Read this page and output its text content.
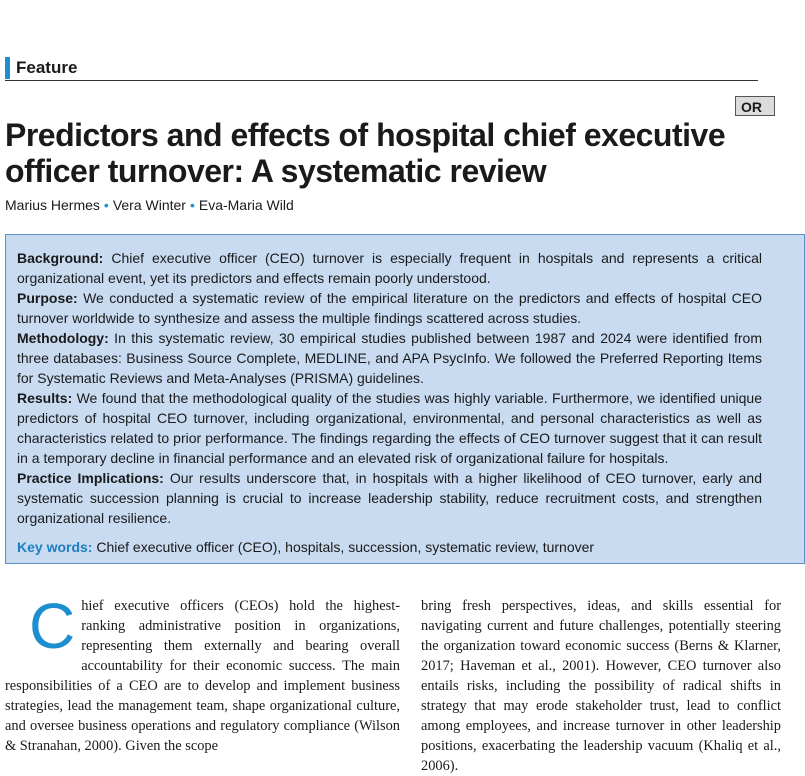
Feature
OR
Predictors and effects of hospital chief executive
officer turnover: A systematic review
Marius Hermes • Vera Winter • Eva-Maria Wild

Background: Chief executive officer (CEO) turnover is especially frequent in hospitals and represents a critical organizational event, yet its predictors and effects remain poorly understood.

Purpose: We conducted a systematic review of the empirical literature on the predictors and effects of hospital CEO turnover worldwide to synthesize and assess the multiple findings scattered across studies.

Methodology: In this systematic review, 30 empirical studies published between 1987 and 2024 were identified from three databases: Business Source Complete, MEDLINE, and APA PsycInfo. We followed the Preferred Reporting Items for Systematic Reviews and Meta-Analyses (PRISMA) guidelines.

Results: We found that the methodological quality of the studies was highly variable. Furthermore, we identified unique predictors of hospital CEO turnover, including organizational, environmental, and personal characteristics as well as characteristics related to prior performance. The findings regarding the effects of CEO turnover suggest that it can result in a temporary decline in financial performance and an elevated risk of organizational failure for hospitals.

Practice Implications: Our results underscore that, in hospitals with a higher likelihood of CEO turnover, early and systematic succession planning is crucial to increase leadership stability, reduce recruitment costs, and strengthen organizational resilience.

Key words: Chief executive officer (CEO), hospitals, succession, systematic review, turnover

Chief executive officers (CEOs) hold the highest-ranking administrative position in organizations, representing them externally and bearing overall accountability for their economic success. The main responsibilities of a CEO are to develop and implement business strategies, lead the management team, shape organizational culture, and oversee business operations and regulatory compliance (Wilson & Stranahan, 2000). Given the scope

bring fresh perspectives, ideas, and skills essential for navigating current and future challenges, potentially steering the organization toward economic success (Berns & Klarner, 2017; Haveman et al., 2001). However, CEO turnover also entails risks, including the possibility of radical shifts in strategy that may erode stakeholder trust, lead to conflict among employees, and increase turnover in other leadership positions, exacerbating the leadership vacuum (Khaliq et al., 2006).
